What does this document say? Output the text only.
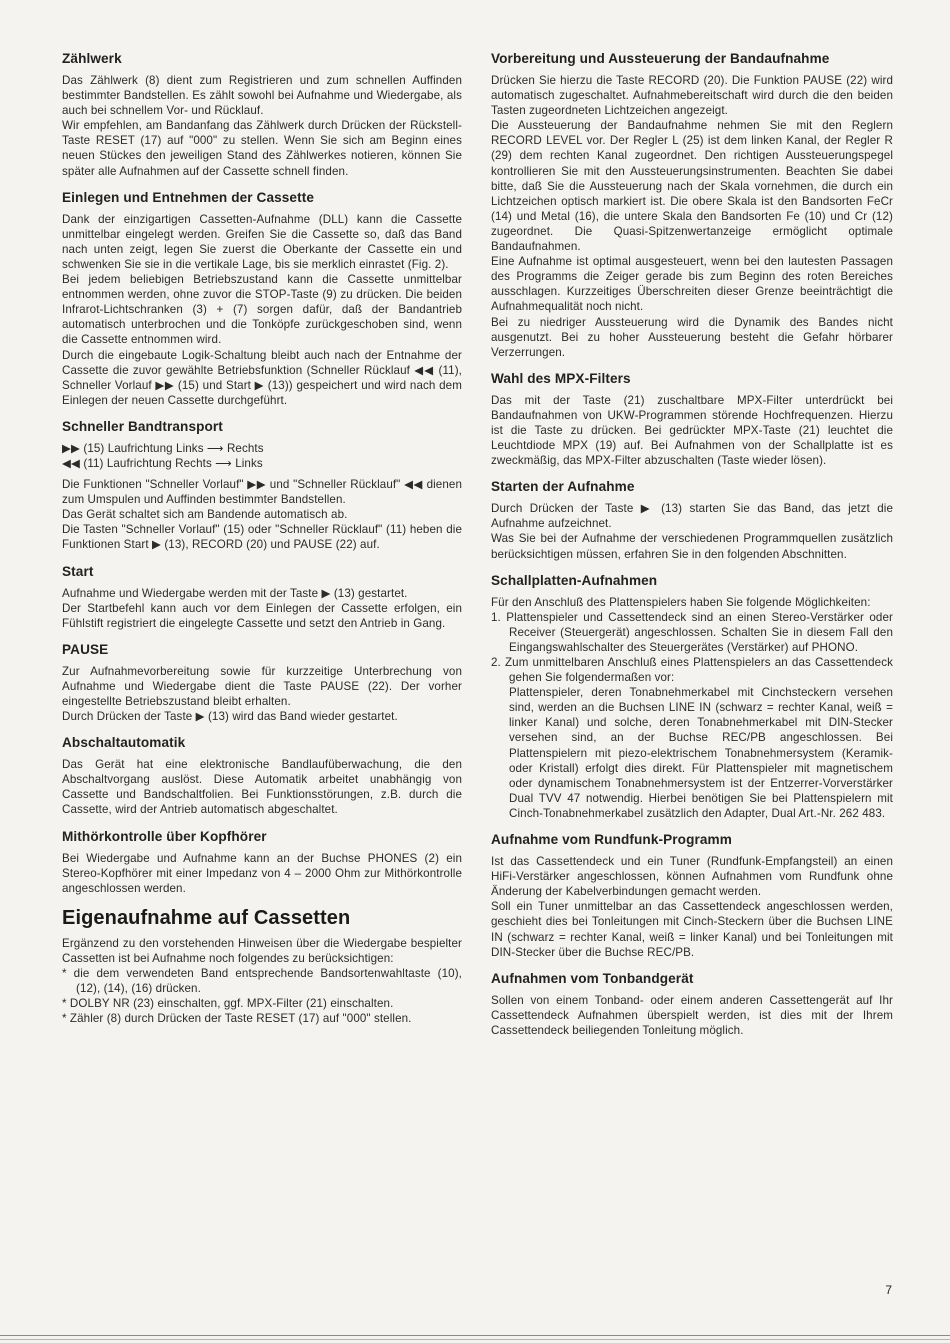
Zählwerk

Das Zählwerk (8) dient zum Registrieren und zum schnellen Auffinden bestimmter Bandstellen. Es zählt sowohl bei Aufnahme und Wiedergabe, als auch bei schnellem Vor- und Rücklauf.

Wir empfehlen, am Bandanfang das Zählwerk durch Drücken der Rückstell-Taste RESET (17) auf "000" zu stellen. Wenn Sie sich am Beginn eines neuen Stückes den jeweiligen Stand des Zählwerkes notieren, können Sie später alle Aufnahmen auf der Cassette schnell finden.

Einlegen und Entnehmen der Cassette

Dank der einzigartigen Cassetten-Aufnahme (DLL) kann die Cassette unmittelbar eingelegt werden. Greifen Sie die Cassette so, daß das Band nach unten zeigt, legen Sie zuerst die Oberkante der Cassette ein und schwenken Sie sie in die vertikale Lage, bis sie merklich einrastet (Fig. 2).

Bei jedem beliebigen Betriebszustand kann die Cassette unmittelbar entnommen werden, ohne zuvor die STOP-Taste (9) zu drücken. Die beiden Infrarot-Lichtschranken (3) + (7) sorgen dafür, daß der Bandantrieb automatisch unterbrochen und die Tonköpfe zurückgeschoben sind, wenn die Cassette entnommen wird.

Durch die eingebaute Logik-Schaltung bleibt auch nach der Entnahme der Cassette die zuvor gewählte Betriebsfunktion (Schneller Rücklauf ◀◀ (11), Schneller Vorlauf ▶▶ (15) und Start ▶ (13)) gespeichert und wird nach dem Einlegen der neuen Cassette durchgeführt.

Schneller Bandtransport

▶▶ (15) Laufrichtung Links ⟶ Rechts

◀◀ (11) Laufrichtung Rechts ⟶ Links

Die Funktionen "Schneller Vorlauf" ▶▶ und "Schneller Rücklauf" ◀◀ dienen zum Umspulen und Auffinden bestimmter Bandstellen.

Das Gerät schaltet sich am Bandende automatisch ab.

Die Tasten "Schneller Vorlauf" (15) oder "Schneller Rücklauf" (11) heben die Funktionen Start ▶ (13), RECORD (20) und PAUSE (22) auf.

Start

Aufnahme und Wiedergabe werden mit der Taste ▶ (13) gestartet.

Der Startbefehl kann auch vor dem Einlegen der Cassette erfolgen, ein Fühlstift registriert die eingelegte Cassette und setzt den Antrieb in Gang.

PAUSE

Zur Aufnahmevorbereitung sowie für kurzzeitige Unterbrechung von Aufnahme und Wiedergabe dient die Taste PAUSE (22). Der vorher eingestellte Betriebszustand bleibt erhalten.

Durch Drücken der Taste ▶ (13) wird das Band wieder gestartet.

Abschaltautomatik

Das Gerät hat eine elektronische Bandlaufüberwachung, die den Abschaltvorgang auslöst. Diese Automatik arbeitet unabhängig von Cassette und Bandschaltfolien. Bei Funktionsstörungen, z.B. durch die Cassette, wird der Antrieb automatisch abgeschaltet.

Mithörkontrolle über Kopfhörer

Bei Wiedergabe und Aufnahme kann an der Buchse PHONES (2) ein Stereo-Kopfhörer mit einer Impedanz von 4 – 2000 Ohm zur Mithörkontrolle angeschlossen werden.

Eigenaufnahme auf Cassetten

Ergänzend zu den vorstehenden Hinweisen über die Wiedergabe bespielter Cassetten ist bei Aufnahme noch folgendes zu berücksichtigen:

* die dem verwendeten Band entsprechende Bandsortenwahltaste (10), (12), (14), (16) drücken.

* DOLBY NR (23) einschalten, ggf. MPX-Filter (21) einschalten.

* Zähler (8) durch Drücken der Taste RESET (17) auf "000" stellen.

Vorbereitung und Aussteuerung der Bandaufnahme

Drücken Sie hierzu die Taste RECORD (20). Die Funktion PAUSE (22) wird automatisch zugeschaltet. Aufnahmebereitschaft wird durch die den beiden Tasten zugeordneten Lichtzeichen angezeigt.

Die Aussteuerung der Bandaufnahme nehmen Sie mit den Reglern RECORD LEVEL vor. Der Regler L (25) ist dem linken Kanal, der Regler R (29) dem rechten Kanal zugeordnet. Den richtigen Aussteuerungspegel kontrollieren Sie mit den Aussteuerungsinstrumenten. Beachten Sie dabei bitte, daß Sie die Aussteuerung nach der Skala vornehmen, die durch ein Lichtzeichen optisch markiert ist. Die obere Skala ist den Bandsorten FeCr (14) und Metal (16), die untere Skala den Bandsorten Fe (10) und Cr (12) zugeordnet. Die Quasi-Spitzenwertanzeige ermöglicht optimale Bandaufnahmen.

Eine Aufnahme ist optimal ausgesteuert, wenn bei den lautesten Passagen des Programms die Zeiger gerade bis zum Beginn des roten Bereiches ausschlagen. Kurzzeitiges Überschreiten dieser Grenze beeinträchtigt die Aufnahmequalität noch nicht.

Bei zu niedriger Aussteuerung wird die Dynamik des Bandes nicht ausgenutzt. Bei zu hoher Aussteuerung besteht die Gefahr hörbarer Verzerrungen.

Wahl des MPX-Filters

Das mit der Taste (21) zuschaltbare MPX-Filter unterdrückt bei Bandaufnahmen von UKW-Programmen störende Hochfrequenzen. Hierzu ist die Taste zu drücken. Bei gedrückter MPX-Taste (21) leuchtet die Leuchtdiode MPX (19) auf. Bei Aufnahmen von der Schallplatte ist es zweckmäßig, das MPX-Filter abzuschalten (Taste wieder lösen).

Starten der Aufnahme

Durch Drücken der Taste ▶ (13) starten Sie das Band, das jetzt die Aufnahme aufzeichnet.

Was Sie bei der Aufnahme der verschiedenen Programmquellen zusätzlich berücksichtigen müssen, erfahren Sie in den folgenden Abschnitten.

Schallplatten-Aufnahmen

Für den Anschluß des Plattenspielers haben Sie folgende Möglichkeiten:

1. Plattenspieler und Cassettendeck sind an einen Stereo-Verstärker oder Receiver (Steuergerät) angeschlossen. Schalten Sie in diesem Fall den Eingangswahlschalter des Steuergerätes (Verstärker) auf PHONO.

2. Zum unmittelbaren Anschluß eines Plattenspielers an das Cassettendeck gehen Sie folgendermaßen vor:

Plattenspieler, deren Tonabnehmerkabel mit Cinchsteckern versehen sind, werden an die Buchsen LINE IN (schwarz = rechter Kanal, weiß = linker Kanal) und solche, deren Tonabnehmerkabel mit DIN-Stecker versehen sind, an der Buchse REC/PB angeschlossen. Bei Plattenspielern mit piezo-elektrischem Tonabnehmersystem (Keramik- oder Kristall) erfolgt dies direkt. Für Plattenspieler mit magnetischem oder dynamischem Tonabnehmersystem ist der Entzerrer-Vorverstärker Dual TVV 47 notwendig. Hierbei benötigen Sie bei Plattenspielern mit Cinch-Tonabnehmerkabel zusätzlich den Adapter, Dual Art.-Nr. 262 483.

Aufnahme vom Rundfunk-Programm

Ist das Cassettendeck und ein Tuner (Rundfunk-Empfangsteil) an einen HiFi-Verstärker angeschlossen, können Aufnahmen vom Rundfunk ohne Änderung der Kabelverbindungen gemacht werden.

Soll ein Tuner unmittelbar an das Cassettendeck angeschlossen werden, geschieht dies bei Tonleitungen mit Cinch-Steckern über die Buchsen LINE IN (schwarz = rechter Kanal, weiß = linker Kanal) und bei Tonleitungen mit DIN-Stecker über die Buchse REC/PB.

Aufnahmen vom Tonbandgerät

Sollen von einem Tonband- oder einem anderen Cassettengerät auf Ihr Cassettendeck Aufnahmen überspielt werden, ist dies mit der Ihrem Cassettendeck beiliegenden Tonleitung möglich.

7
